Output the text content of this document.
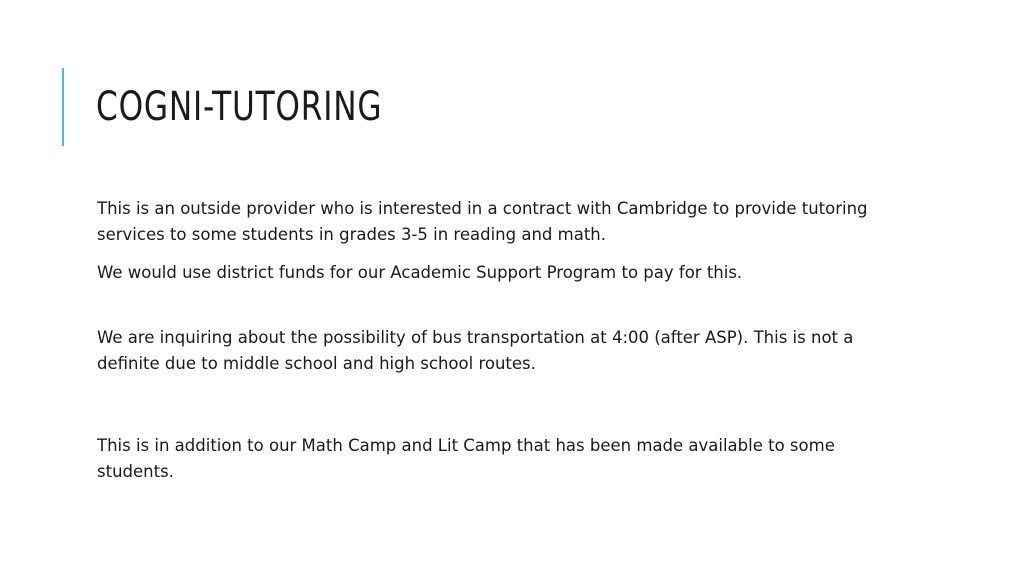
COGNI-TUTORING

This is an outside provider who is interested in a contract with Cambridge to provide tutoring services to some students in grades 3-5 in reading and math.

We would use district funds for our Academic Support Program to pay for this.

We are inquiring about the possibility of bus transportation at 4:00 (after ASP). This is not a definite due to middle school and high school routes.

This is in addition to our Math Camp and Lit Camp that has been made available to some students.
